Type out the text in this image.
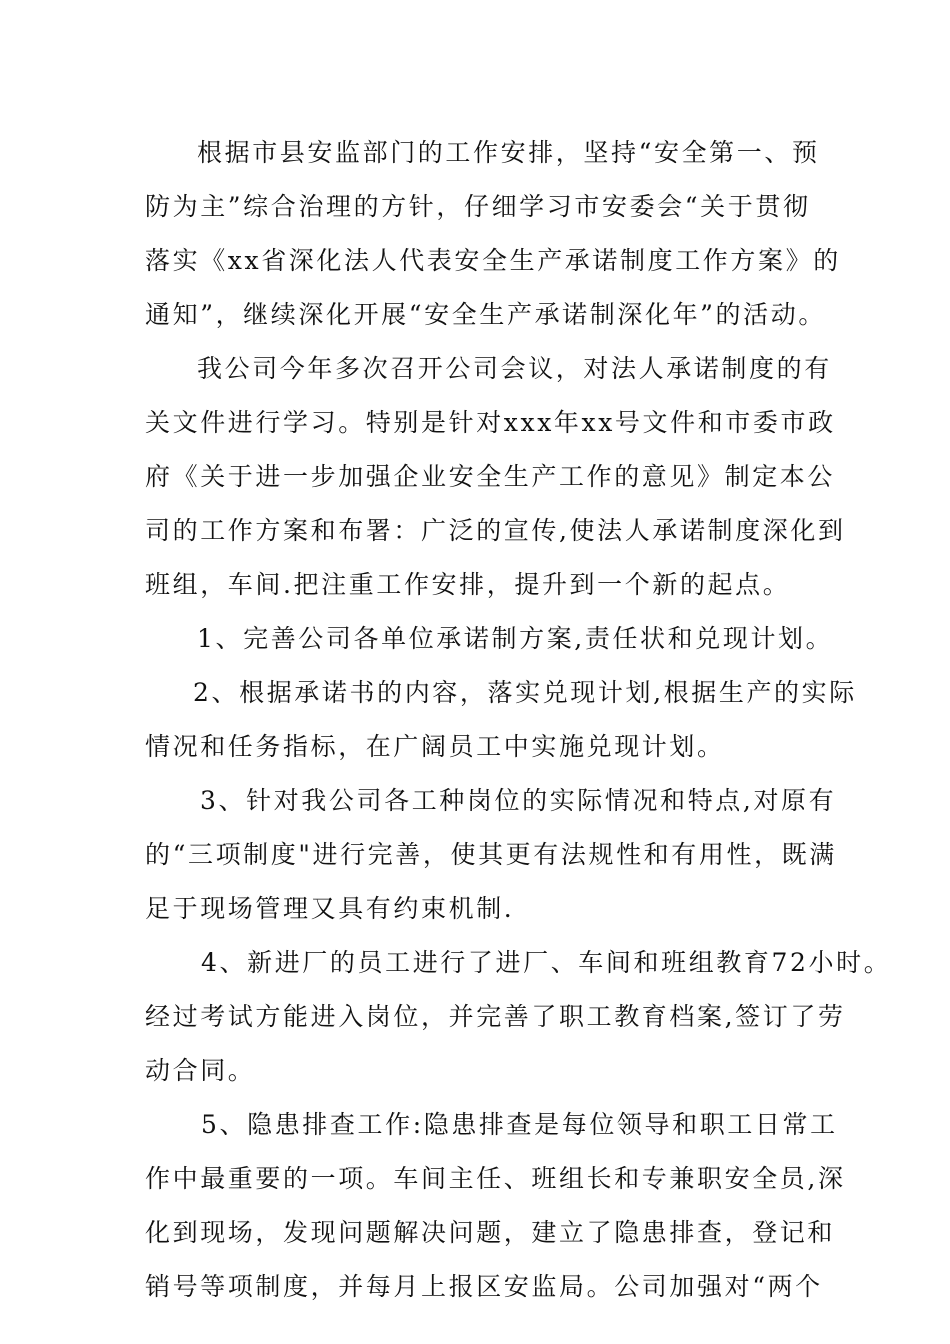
根据市县安监部门的工作安排，坚持“安全第一、预
防为主”综合治理的方针，仔细学习市安委会“关于贯彻
落实《xx省深化法人代表安全生产承诺制度工作方案》的
通知”，继续深化开展“安全生产承诺制深化年”的活动。
我公司今年多次召开公司会议，对法人承诺制度的有
关文件进行学习。特别是针对xxx年xx号文件和市委市政
府《关于进一步加强企业安全生产工作的意见》制定本公
司的工作方案和布署：广泛的宣传,使法人承诺制度深化到
班组，车间.把注重工作安排，提升到一个新的起点。
1、完善公司各单位承诺制方案,责任状和兑现计划。
2、根据承诺书的内容，落实兑现计划,根据生产的实际
情况和任务指标，在广阔员工中实施兑现计划。
3、针对我公司各工种岗位的实际情况和特点,对原有
的“三项制度"进行完善，使其更有法规性和有用性，既满
足于现场管理又具有约束机制.
4、新进厂的员工进行了进厂、车间和班组教育72小时。
经过考试方能进入岗位，并完善了职工教育档案,签订了劳
动合同。
5、隐患排查工作:隐患排查是每位领导和职工日常工
作中最重要的一项。车间主任、班组长和专兼职安全员,深
化到现场，发现问题解决问题，建立了隐患排查，登记和
销号等项制度，并每月上报区安监局。公司加强对“两个
